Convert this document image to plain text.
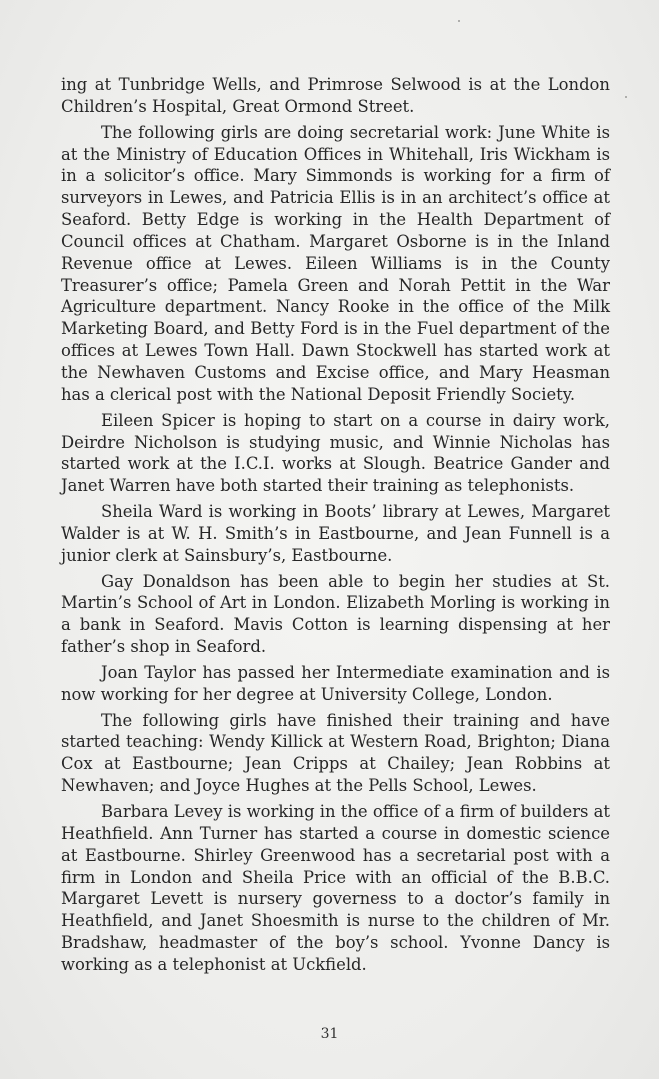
ing at Tunbridge Wells, and Primrose Selwood is at the London Children’s Hospital, Great Ormond Street.

The following girls are doing secretarial work: June White is at the Ministry of Education Offices in Whitehall, Iris Wickham is in a solicitor’s office. Mary Simmonds is working for a firm of surveyors in Lewes, and Patricia Ellis is in an architect’s office at Seaford. Betty Edge is working in the Health Department of Council offices at Chatham. Margaret Osborne is in the Inland Revenue office at Lewes. Eileen Williams is in the County Treasurer’s office; Pamela Green and Norah Pettit in the War Agriculture department. Nancy Rooke in the office of the Milk Marketing Board, and Betty Ford is in the Fuel department of the offices at Lewes Town Hall. Dawn Stockwell has started work at the Newhaven Customs and Excise office, and Mary Heasman has a clerical post with the National Deposit Friendly Society.

Eileen Spicer is hoping to start on a course in dairy work, Deirdre Nicholson is studying music, and Winnie Nicholas has started work at the I.C.I. works at Slough. Beatrice Gander and Janet Warren have both started their training as telephonists.

Sheila Ward is working in Boots’ library at Lewes, Margaret Walder is at W. H. Smith’s in Eastbourne, and Jean Funnell is a junior clerk at Sainsbury’s, Eastbourne.

Gay Donaldson has been able to begin her studies at St. Martin’s School of Art in London. Elizabeth Morling is working in a bank in Seaford. Mavis Cotton is learning dispensing at her father’s shop in Seaford.

Joan Taylor has passed her Intermediate examination and is now working for her degree at University College, London.

The following girls have finished their training and have started teaching: Wendy Killick at Western Road, Brighton; Diana Cox at Eastbourne; Jean Cripps at Chailey; Jean Robbins at Newhaven; and Joyce Hughes at the Pells School, Lewes.

Barbara Levey is working in the office of a firm of builders at Heathfield. Ann Turner has started a course in domestic science at Eastbourne. Shirley Greenwood has a secretarial post with a firm in London and Sheila Price with an official of the B.B.C. Margaret Levett is nursery governess to a doctor’s family in Heathfield, and Janet Shoesmith is nurse to the children of Mr. Bradshaw, headmaster of the boy’s school. Yvonne Dancy is working as a telephonist at Uckfield.

31
